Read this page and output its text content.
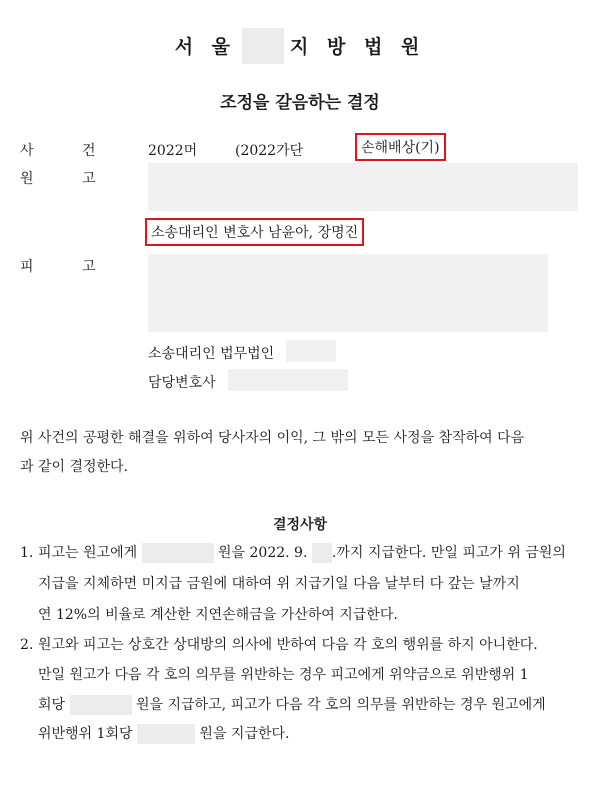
서 울	지 방 법 원
조정을 갈음하는 결정
사	건	2022머	(2022가단	손해배상(기)
원	고
소송대리인 변호사 남윤아, 장명진
피	고
소송대리인 법무법인
담당변호사
위 사건의 공평한 해결을 위하여 당사자의 이익, 그 밖의 모든 사정을 참작하여 다음
과 같이 결정한다.
결정사항
1. 피고는 원고에게	원을 2022. 9. .까지 지급한다. 만일 피고가 위 금원의
지급을 지체하면 미지급 금원에 대하여 위 지급기일 다음 날부터 다 갚는 날까지
연 12%의 비율로 계산한 지연손해금을 가산하여 지급한다.
2. 원고와 피고는 상호간 상대방의 의사에 반하여 다음 각 호의 행위를 하지 아니한다.
만일 원고가 다음 각 호의 의무를 위반하는 경우 피고에게 위약금으로 위반행위 1
회당	원을 지급하고, 피고가 다음 각 호의 의무를 위반하는 경우 원고에게
위반행위 1회당	원을 지급한다.
